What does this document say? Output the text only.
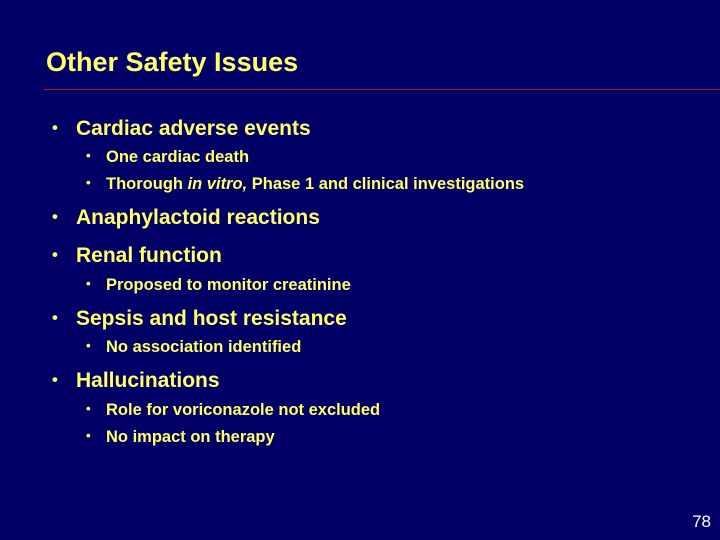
Other Safety Issues
• Cardiac adverse events
• One cardiac death
• Thorough in vitro, Phase 1 and clinical investigations
• Anaphylactoid reactions
• Renal function
• Proposed to monitor creatinine
• Sepsis and host resistance
• No association identified
• Hallucinations
• Role for voriconazole not excluded
• No impact on therapy
78
